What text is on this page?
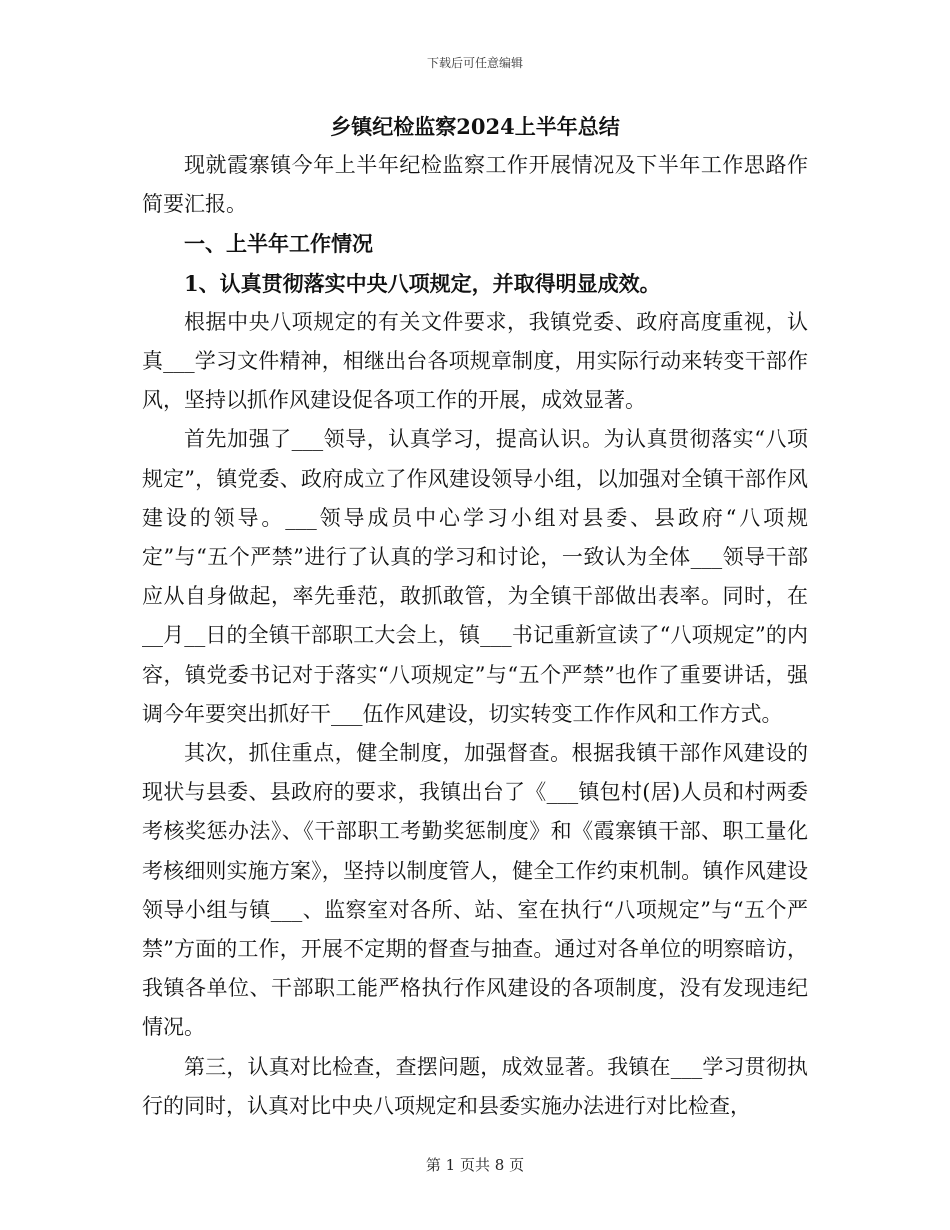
下载后可任意编辑
乡镇纪检监察2024上半年总结

现就霞寨镇今年上半年纪检监察工作开展情况及下半年工作思路作简要汇报。

一、上半年工作情况

1、认真贯彻落实中央八项规定，并取得明显成效。

根据中央八项规定的有关文件要求，我镇党委、政府高度重视，认真___学习文件精神，相继出台各项规章制度，用实际行动来转变干部作风，坚持以抓作风建设促各项工作的开展，成效显著。

首先加强了___领导，认真学习，提高认识。为认真贯彻落实“八项规定”，镇党委、政府成立了作风建设领导小组，以加强对全镇干部作风建设的领导。___领导成员中心学习小组对县委、县政府“八项规定”与“五个严禁”进行了认真的学习和讨论，一致认为全体___领导干部应从自身做起，率先垂范，敢抓敢管，为全镇干部做出表率。同时，在__月__日的全镇干部职工大会上，镇___书记重新宣读了“八项规定”的内容，镇党委书记对于落实“八项规定”与“五个严禁”也作了重要讲话，强调今年要突出抓好干___伍作风建设，切实转变工作作风和工作方式。

其次，抓住重点，健全制度，加强督查。根据我镇干部作风建设的现状与县委、县政府的要求，我镇出台了《___镇包村(居)人员和村两委考核奖惩办法》、《干部职工考勤奖惩制度》和《霞寨镇干部、职工量化考核细则实施方案》，坚持以制度管人，健全工作约束机制。镇作风建设领导小组与镇___、监察室对各所、站、室在执行“八项规定”与“五个严禁”方面的工作，开展不定期的督查与抽查。通过对各单位的明察暗访，我镇各单位、干部职工能严格执行作风建设的各项制度，没有发现违纪情况。

第三，认真对比检查，查摆问题，成效显著。我镇在___学习贯彻执行的同时，认真对比中央八项规定和县委实施办法进行对比检查，

第 1 页共 8 页
